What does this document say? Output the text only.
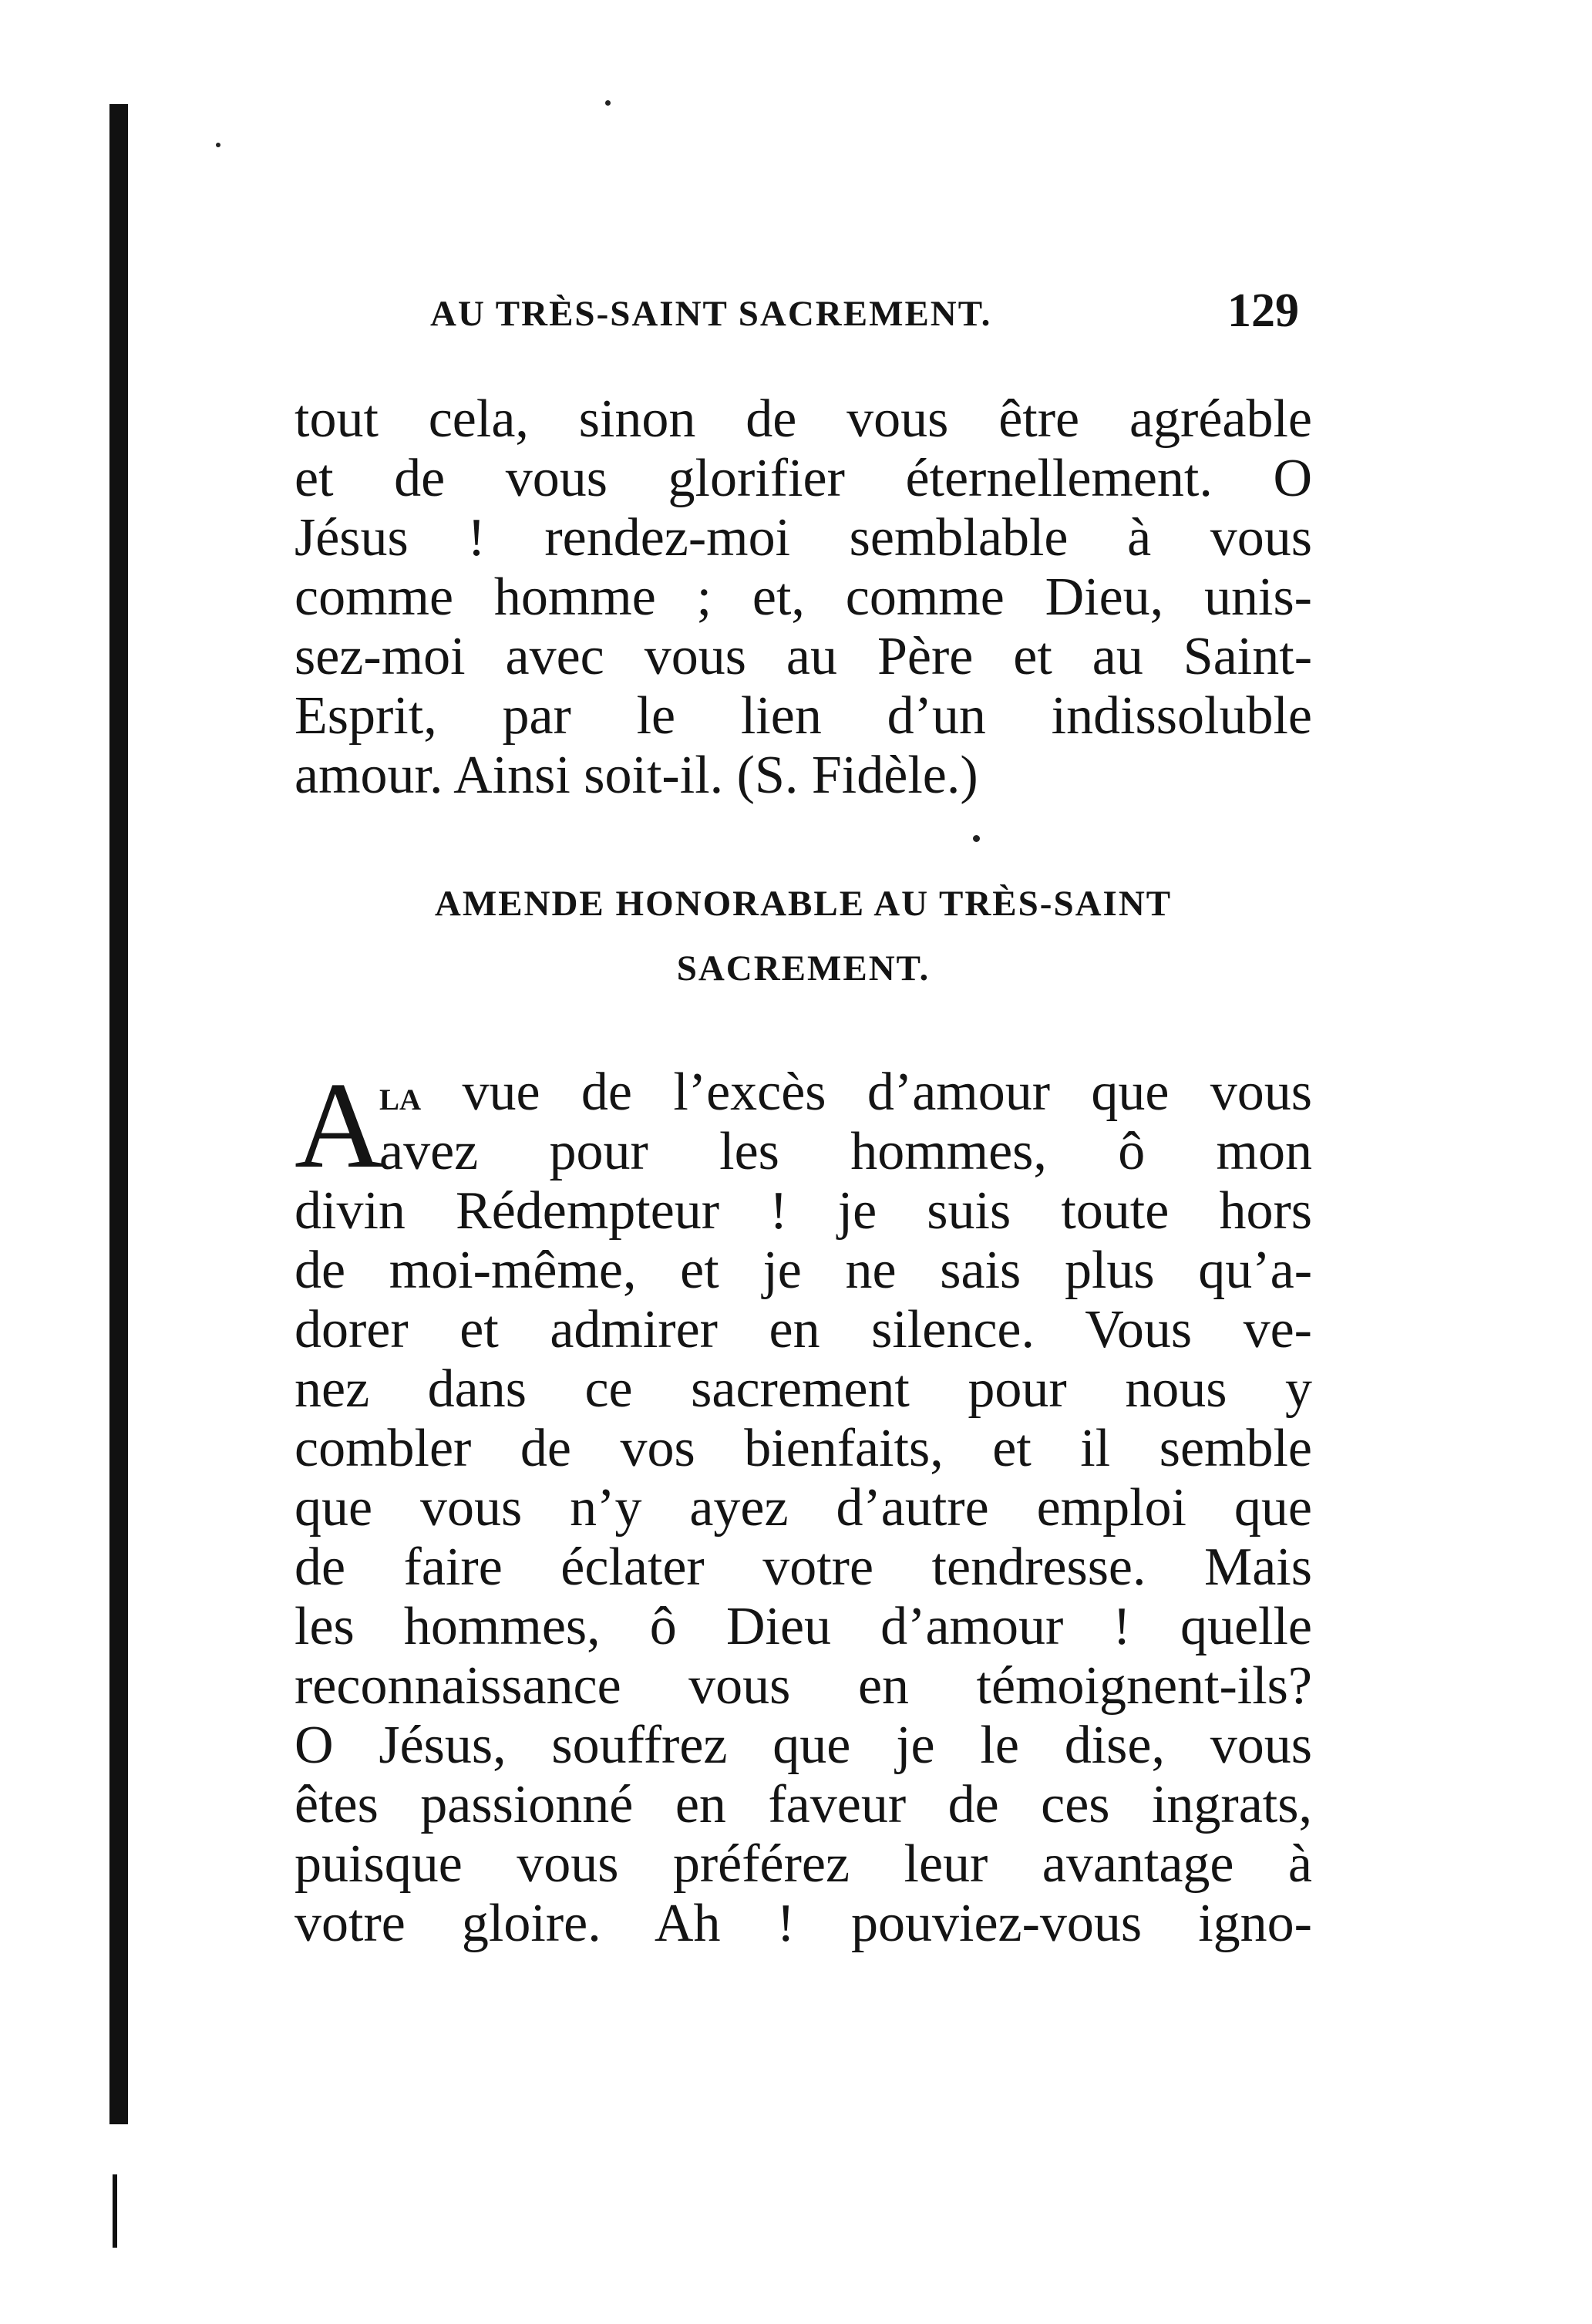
AU TRÈS-SAINT SACREMENT.	129
tout cela, sinon de vous être agréable
et de vous glorifier éternellement. O
Jésus ! rendez-moi semblable à vous
comme homme ; et, comme Dieu, unis-
sez-moi avec vous au Père et au Saint-
Esprit, par le lien d’un indissoluble
amour. Ainsi soit-il. (S. Fidèle.)
AMENDE HONORABLE AU TRÈS-SAINT
SACREMENT.
A
la vue de l’excès d’amour que vous
avez pour les hommes, ô mon
divin Rédempteur ! je suis toute hors
de moi-même, et je ne sais plus qu’a-
dorer et admirer en silence. Vous ve-
nez dans ce sacrement pour nous y
combler de vos bienfaits, et il semble
que vous n’y ayez d’autre emploi que
de faire éclater votre tendresse. Mais
les hommes, ô Dieu d’amour ! quelle
reconnaissance vous en témoignent-ils?
O Jésus, souffrez que je le dise, vous
êtes passionné en faveur de ces ingrats,
puisque vous préférez leur avantage à
votre gloire. Ah ! pouviez-vous igno-
